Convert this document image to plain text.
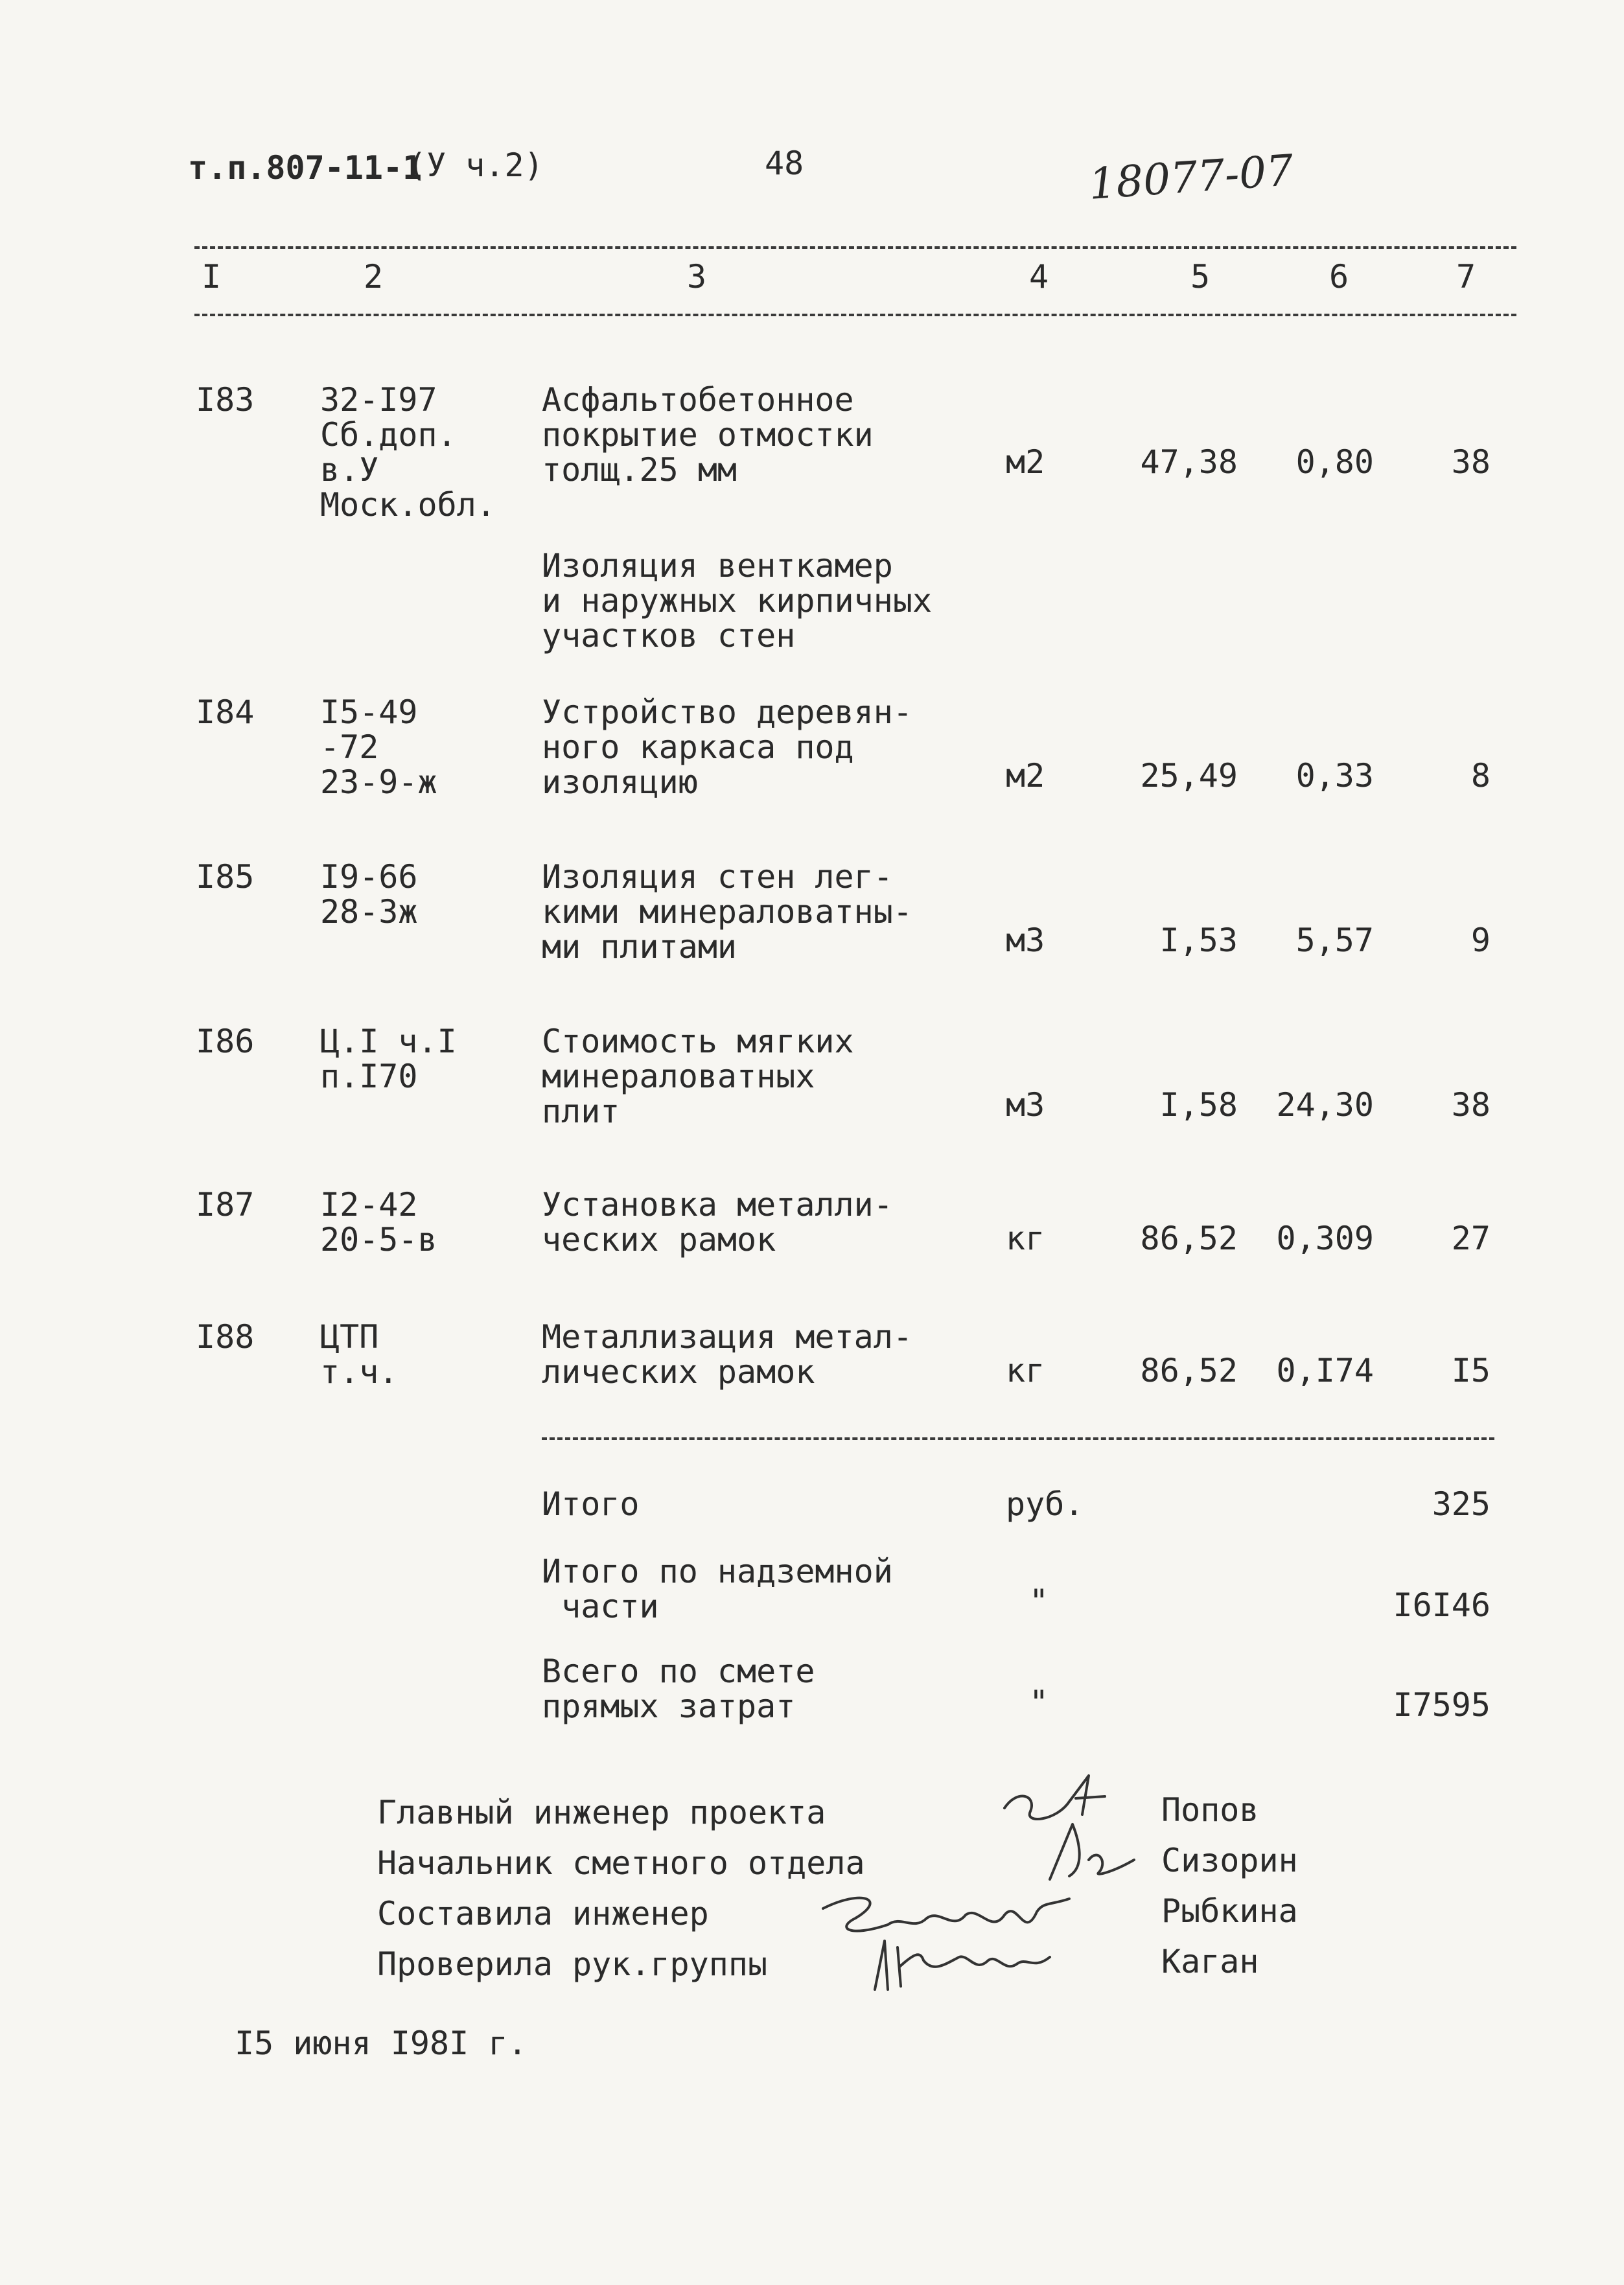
т.п.807-11-1
(У ч.2)	48	18077-07
I	2	3	4	5	6	7
I83 32-I97
Сб.доп.
в.У
Моск.обл.
Асфальтобетонное
покрытие отмостки
толщ.25 мм	м2	47,38	0,80	38
Изоляция венткамер
и наружных кирпичных
участков стен
I84 I5-49
-72
23-9-ж
Устройство деревян-
ного каркаса под
изоляцию	м2	25,49	0,33	8
I85 I9-66
28-3ж
Изоляция стен лег-
кими минераловатны-
ми плитами	м3	I,53	5,57	9
I86 Ц.I ч.I
п.I70
Стоимость мягких
минераловатных
плит	м3	I,58	24,30	38
I87 I2-42
20-5-в
Установка металли-
ческих рамок	кг	86,52	0,309	27
I88 ЦТП
т.ч.
Металлизация метал-
лических рамок	кг	86,52	0,I74	I5
Итого	руб.	325
Итого по надземной
части	"	I6I46
Всего по смете
прямых затрат	"	I7595
Главный инженер проекта	Попов
Начальник сметного отдела	Сизорин
Составила инженер	Рыбкина
Проверила рук.группы	Каган
I5 июня I98I г.
